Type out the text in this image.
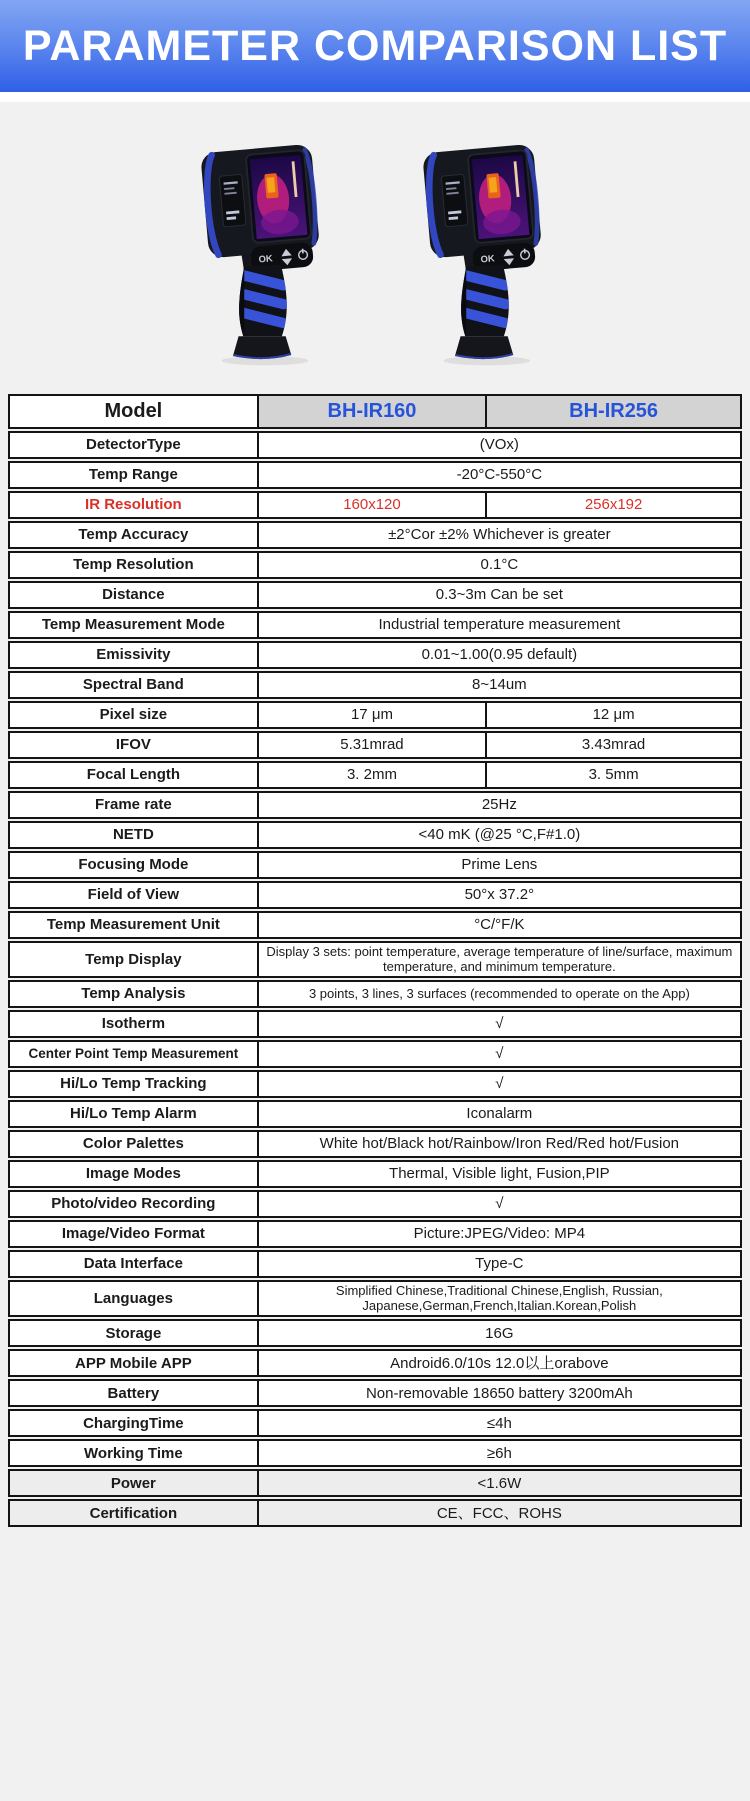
PARAMETER COMPARISON LIST
Model	BH-IR160	BH-IR256
DetectorType	(VOx)
Temp Range	-20°C-550°C
IR Resolution	160x120	256x192
Temp Accuracy	±2°Cor ±2% Whichever is greater
Temp Resolution	0.1°C
Distance	0.3~3m Can be set
Temp Measurement Mode	Industrial temperature measurement
Emissivity	0.01~1.00(0.95 default)
Spectral Band	8~14um
Pixel size	17 μm	12 μm
IFOV	5.31mrad	3.43mrad
Focal Length	3. 2mm	3. 5mm
Frame rate	25Hz
NETD	<40 mK (@25 °C,F#1.0)
Focusing Mode	Prime Lens
Field of View	50°x 37.2°
Temp Measurement Unit	°C/°F/K
Temp Display	Display 3 sets: point temperature, average temperature of line/surface, maximum temperature, and minimum temperature.
Temp Analysis	3 points, 3 lines, 3 surfaces (recommended to operate on the App)
Isotherm	√
Center Point Temp Measurement	√
Hi/Lo Temp Tracking	√
Hi/Lo Temp Alarm	Iconalarm
Color Palettes	White hot/Black hot/Rainbow/Iron Red/Red hot/Fusion
Image Modes	Thermal, Visible light, Fusion,PIP
Photo/video Recording	√
Image/Video Format	Picture:JPEG/Video: MP4
Data Interface	Type-C
Languages	Simplified Chinese,Traditional Chinese,English, Russian, Japanese,German,French,Italian.Korean,Polish
Storage	16G
APP Mobile APP	Android6.0/10s 12.0以上orabove
Battery	Non-removable 18650 battery 3200mAh
ChargingTime	≤4h
Working Time	≥6h
Power	<1.6W
Certification	CE、FCC、ROHS
